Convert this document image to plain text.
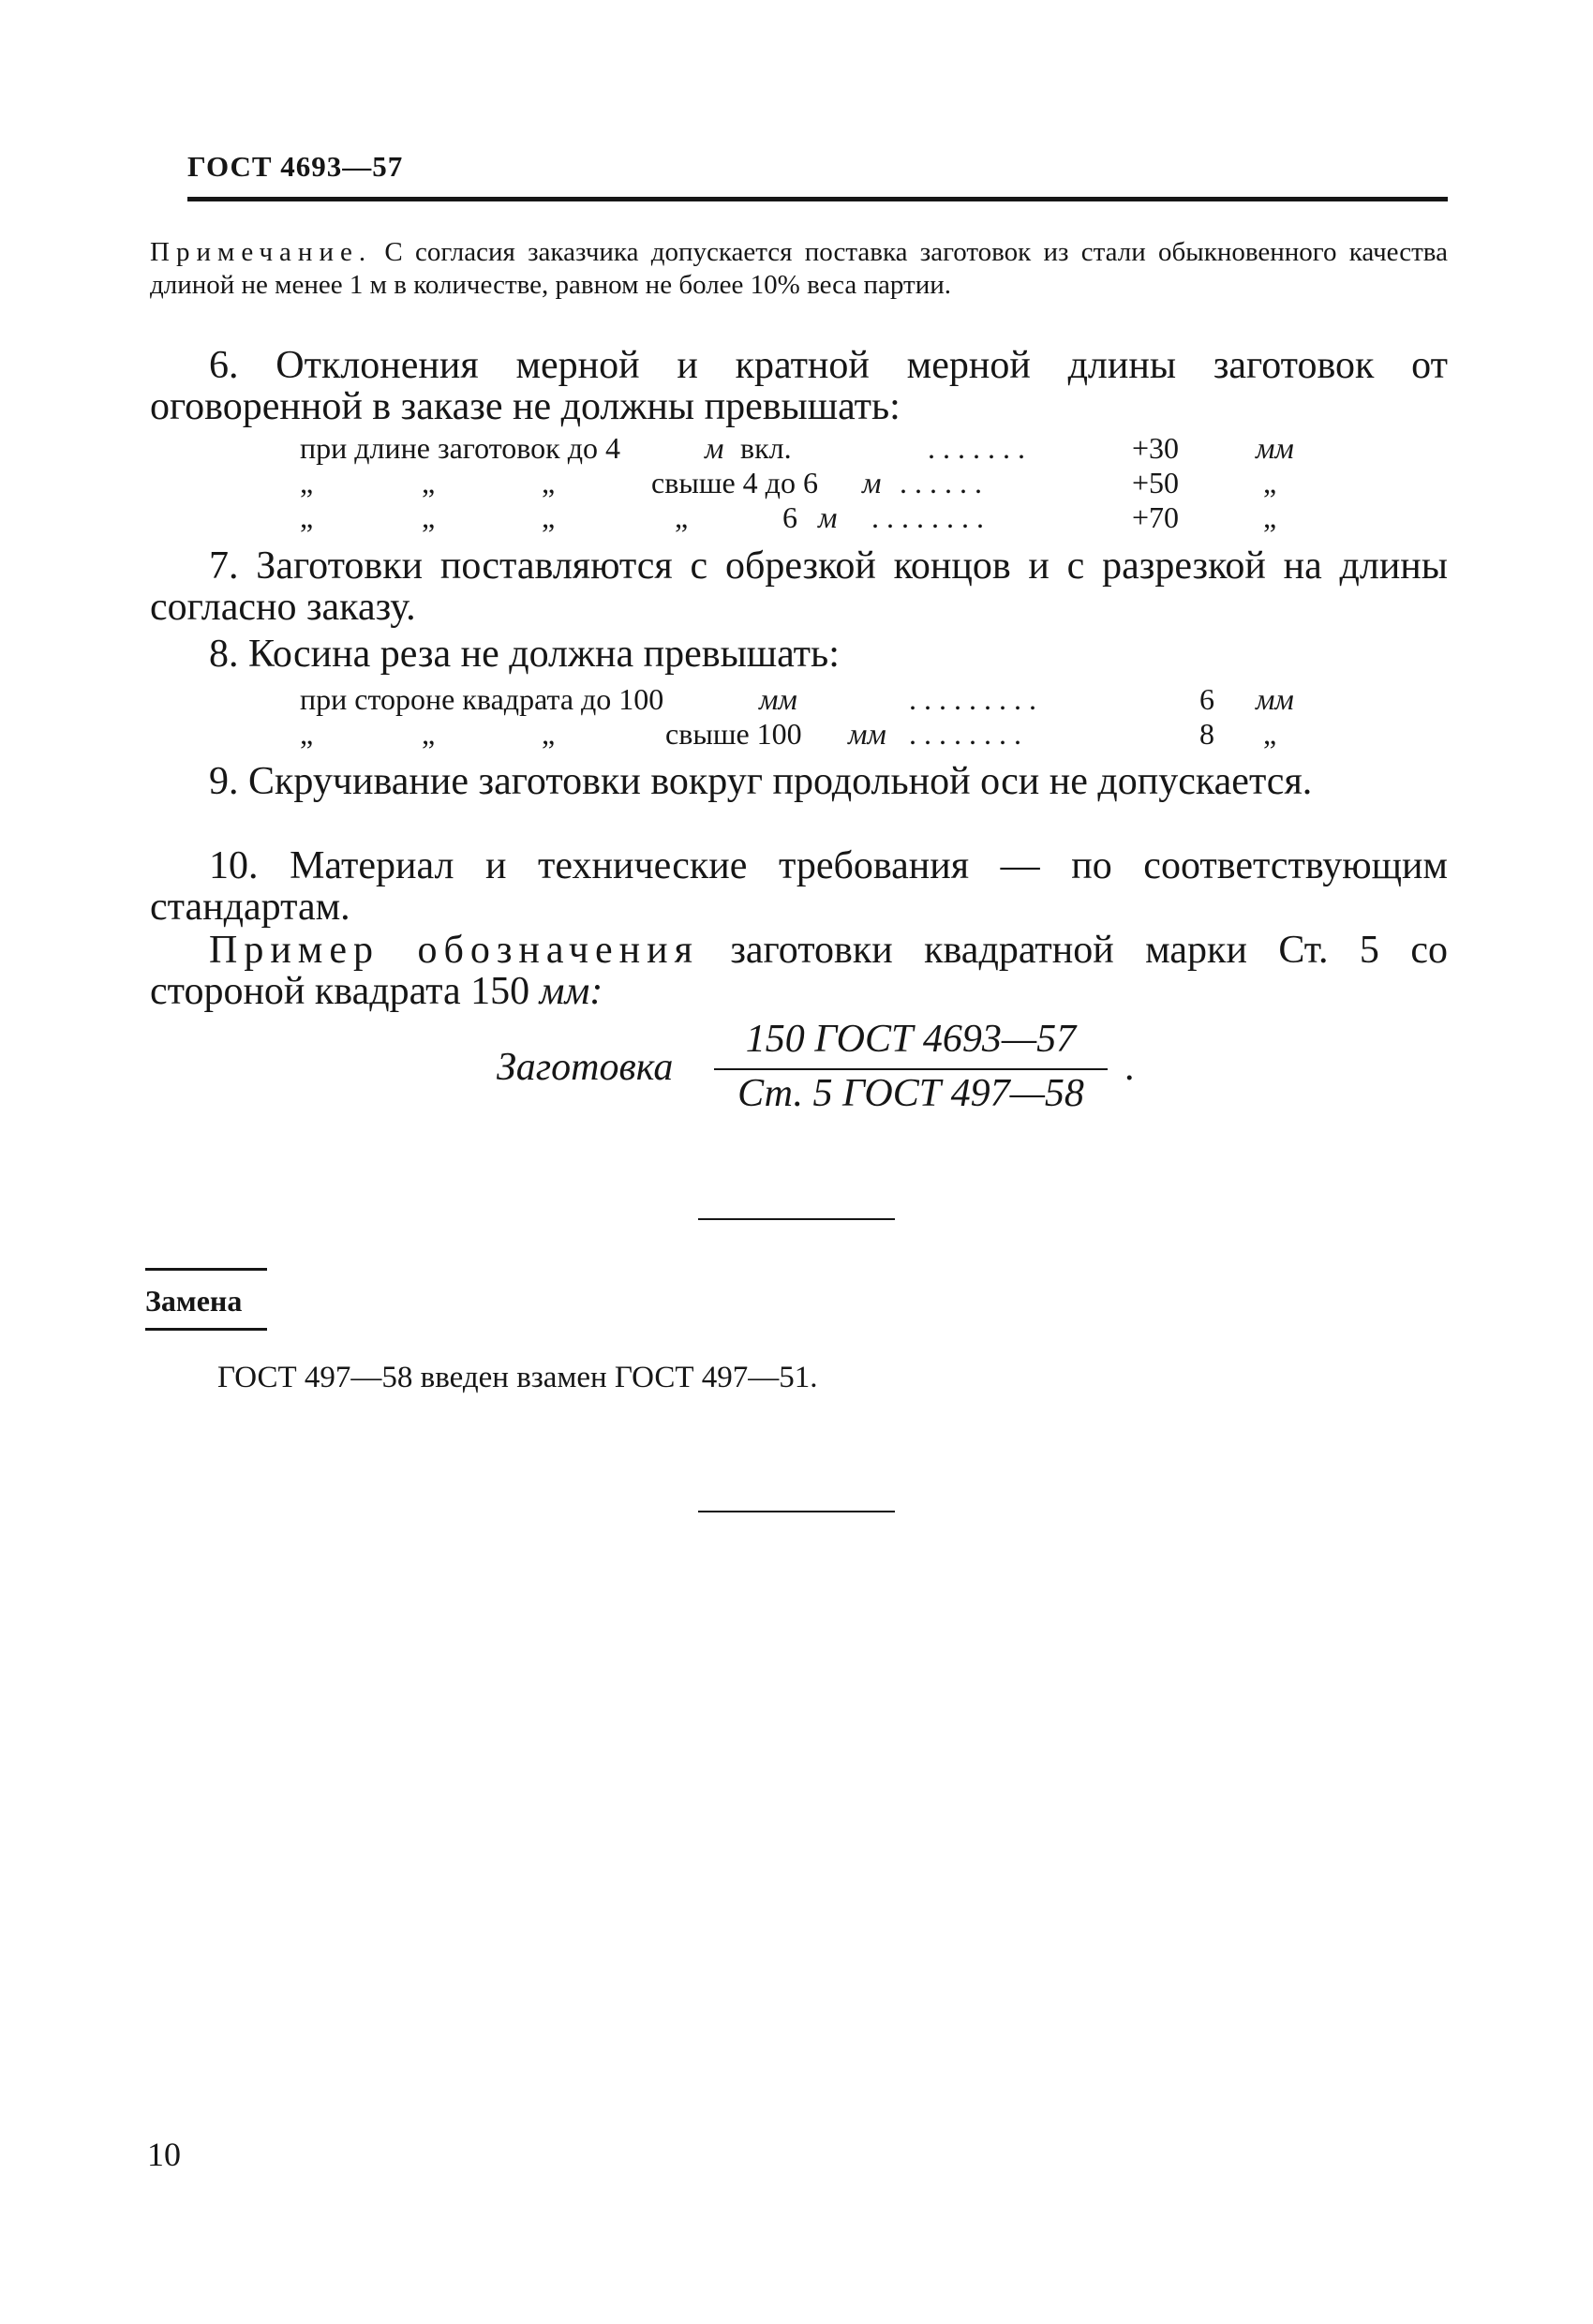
ГОСТ 4693—57
Примечание. С согласия заказчика допускается поставка заготовок из стали обыкновенного качества длиной не менее 1 м в количестве, равном не более 10% веса партии.
6. Отклонения мерной и кратной мерной длины заготовок от оговоренной в заказе не должны превышать:
при длине заготовок до 4	м вкл.	. . . . . . .	+30	мм
„	„	„	свыше 4 до 6 м . . . . . .	+50	„
„	„	„	„	6 м . . . . . . . .	+70	„
7. Заготовки поставляются с обрезкой концов и с разрезкой на длины согласно заказу.
8. Косина реза не должна превышать:
при стороне квадрата до 100	мм	. . . . . . . . .	6 мм
„	„	„	свыше 100 мм . . . . . . . .	8 „
9. Скручивание заготовки вокруг продольной оси не допускается.
10. Материал и технические требования — по соответствующим стандартам.
Пример обозначения заготовки квадратной марки Ст. 5 со стороной квадрата 150 мм:
Заготовка
150 ГОСТ 4693—57
Ст. 5 ГОСТ 497—58
.
Замена
ГОСТ 497—58 введен взамен ГОСТ 497—51.
10
